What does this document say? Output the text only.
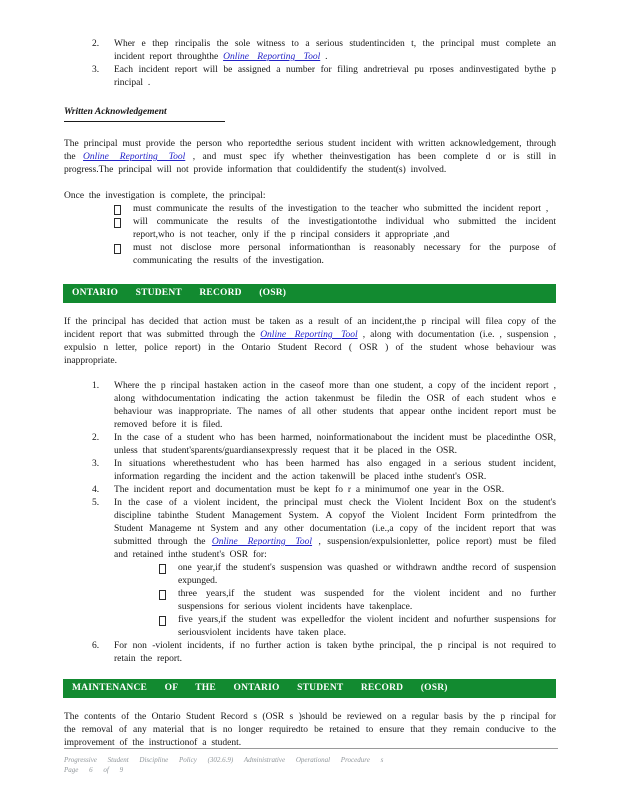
2.	Wher e thep rincipalis the sole witness to a serious studentinciden t, the principal must complete an incident report throughthe Online Reporting Tool .
3.	Each incident report will be assigned a number for filing andretrieval pu rposes andinvestigated bythe p rincipal .
Written Acknowledgement
The principal must provide the person who reportedthe serious student incident with written acknowledgement, through the Online Reporting Tool , and must spec ify whether theinvestigation has been complete d or is still in progress.The principal will not provide information that couldidentify the student(s) involved.
Once the investigation is complete, the principal:
must communicate the results of the investigation to the teacher who submitted the incident report ,
will communicate the results of the investigationtothe individual who submitted the incident report,who is not teacher, only if the p rincipal considers it appropriate ,and
must not disclose more personal informationthan is reasonably necessary for the purpose of communicating the results of the investigation.
ONTARIO STUDENT RECORD (OSR)
If the principal has decided that action must be taken as a result of an incident,the p rincipal will filea copy of the incident report that was submitted through the Online Reporting Tool , along with documentation (i.e. , suspension , expulsio n letter, police report) in the Ontario Student Record ( OSR ) of the student whose behaviour was inappropriate.
1.	Where the p rincipal hastaken action in the caseof more than one student, a copy of the incident report , along withdocumentation indicating the action takenmust be filedin the OSR of each student whos e behaviour was inappropriate. The names of all other students that appear onthe incident report must be removed before it is filed.
2.	In the case of a student who has been harmed, noinformationabout the incident must be placedinthe OSR, unless that student'sparents/guardiansexpressly request that it be placed in the OSR.
3.	In situations wherethestudent who has been harmed has also engaged in a serious student incident, information regarding the incident and the action takenwill be placed inthe student's OSR.
4.	The incident report and documentation must be kept fo r a minimumof one year in the OSR.
5.	In the case of a violent incident, the principal must check the Violent Incident Box on the student's discipline tabinthe Student Management System. A copyof the Violent Incident Form printedfrom the Student Manageme nt System and any other documentation (i.e.,a copy of the incident report that was submitted through the Online Reporting Tool , suspension/expulsionletter, police report) must be filed and retained inthe student's OSR for:
one year,if the student's suspension was quashed or withdrawn andthe record of suspension expunged.
three years,if the student was suspended for the violent incident and no further suspensions for serious violent incidents have takenplace.
five years,if the student was expelledfor the violent incident and nofurther suspensions for seriousviolent incidents have taken place.
6.	For non -violent incidents, if no further action is taken bythe principal, the p rincipal is not required to retain the report.
MAINTENANCE OF THE ONTARIO STUDENT RECORD (OSR)
The contents of the Ontario Student Record s (OSR s )should be reviewed on a regular basis by the p rincipal for the removal of any material that is no longer requiredto be retained to ensure that they remain conducive to the improvement of the instructionof a student.
Progressive Student Discipline Policy (302.6.9) Administrative Operational Procedure s
Page 6 of 9
